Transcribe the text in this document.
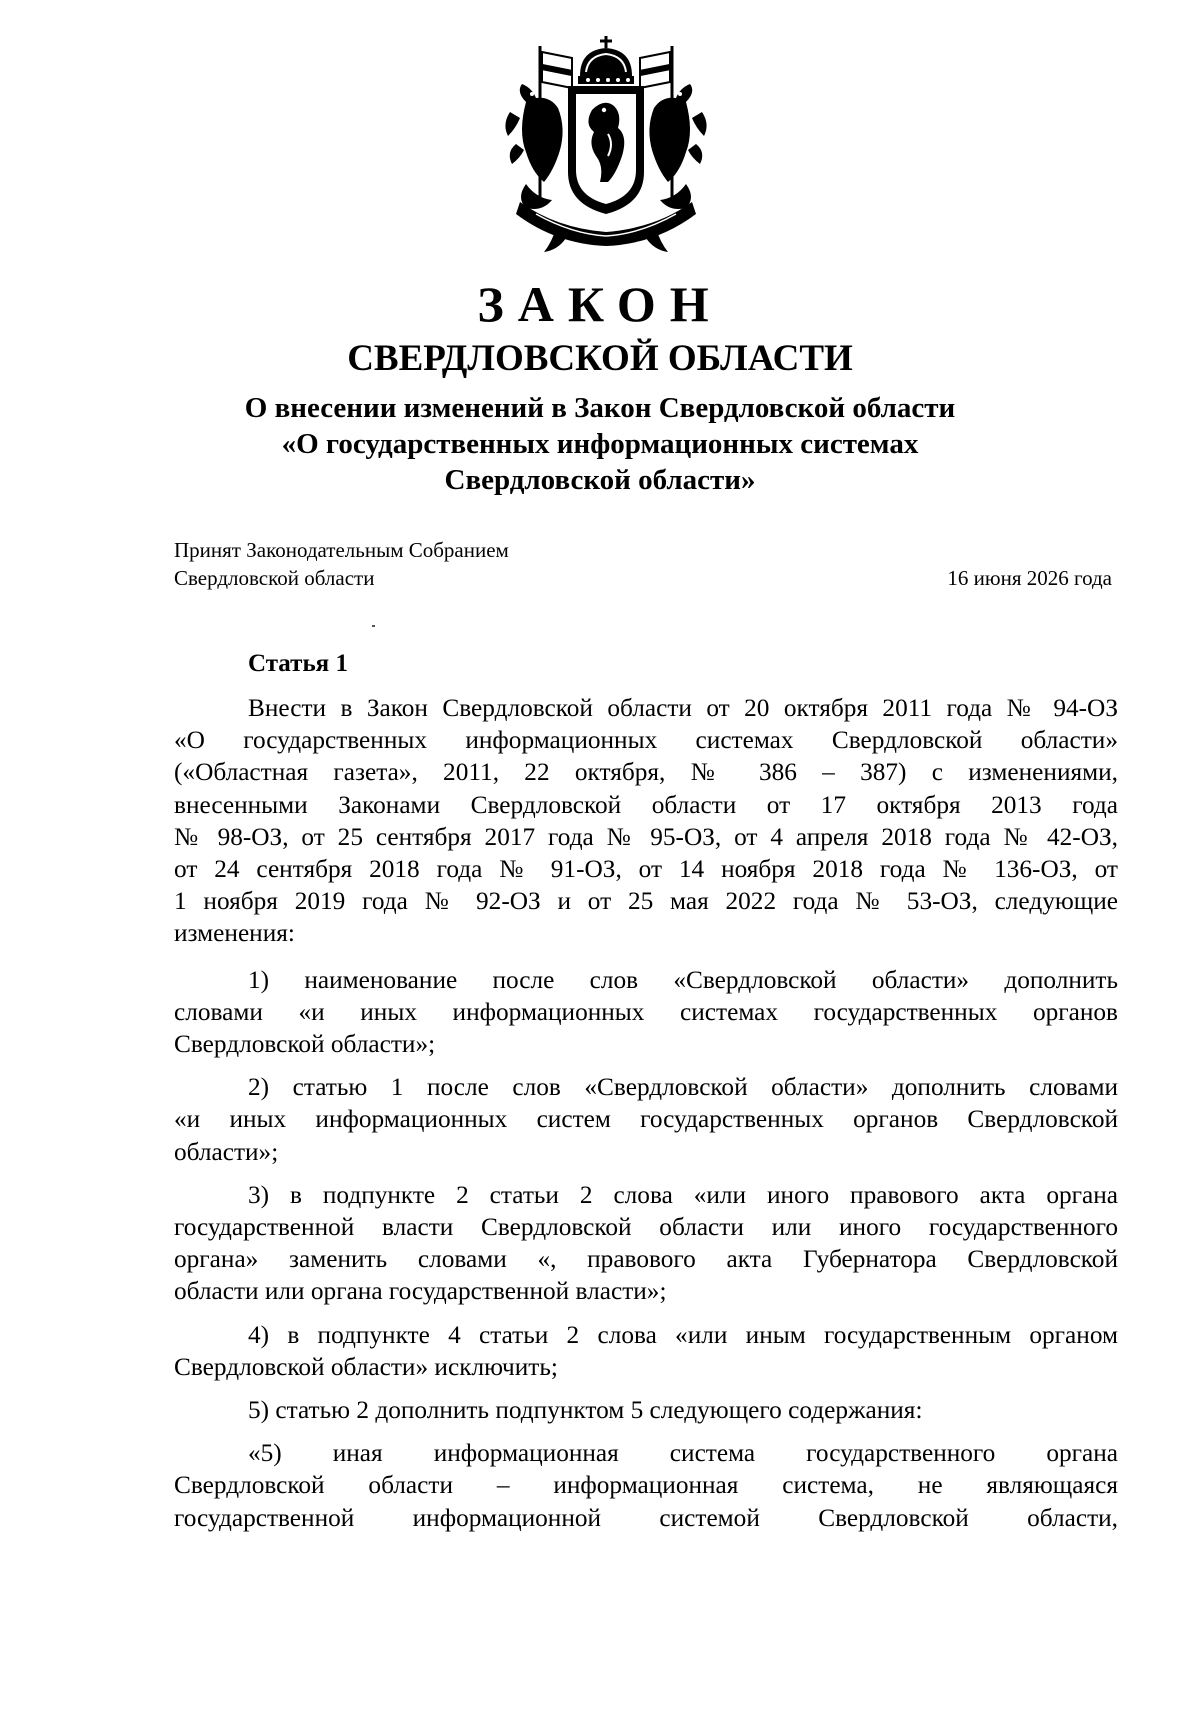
ЗАКОН
СВЕРДЛОВСКОЙ ОБЛАСТИ
О внесении изменений в Закон Свердловской области
«О государственных информационных системах
Свердловской области»
Принят Законодательным Собранием
Свердловской области	16 июня 2026 года
Статья 1
Внести в Закон Свердловской области от 20 октября 2011 года № 94-ОЗ
«О государственных информационных системах Свердловской области»
(«Областная газета», 2011, 22 октября, № 386 – 387) с изменениями,
внесенными Законами Свердловской области от 17 октября 2013 года
№ 98-ОЗ, от 25 сентября 2017 года № 95-ОЗ, от 4 апреля 2018 года № 42-ОЗ,
от 24 сентября 2018 года № 91-ОЗ, от 14 ноября 2018 года № 136-ОЗ, от
1 ноября 2019 года № 92-ОЗ и от 25 мая 2022 года № 53-ОЗ, следующие
изменения:
1) наименование после слов «Свердловской области» дополнить
словами «и иных информационных системах государственных органов
Свердловской области»;
2) статью 1 после слов «Свердловской области» дополнить словами
«и иных информационных систем государственных органов Свердловской
области»;
3) в подпункте 2 статьи 2 слова «или иного правового акта органа
государственной власти Свердловской области или иного государственного
органа» заменить словами «, правового акта Губернатора Свердловской
области или органа государственной власти»;
4) в подпункте 4 статьи 2 слова «или иным государственным органом
Свердловской области» исключить;
5) статью 2 дополнить подпунктом 5 следующего содержания:
«5) иная информационная система государственного органа
Свердловской области – информационная система, не являющаяся
государственной информационной системой Свердловской области,
